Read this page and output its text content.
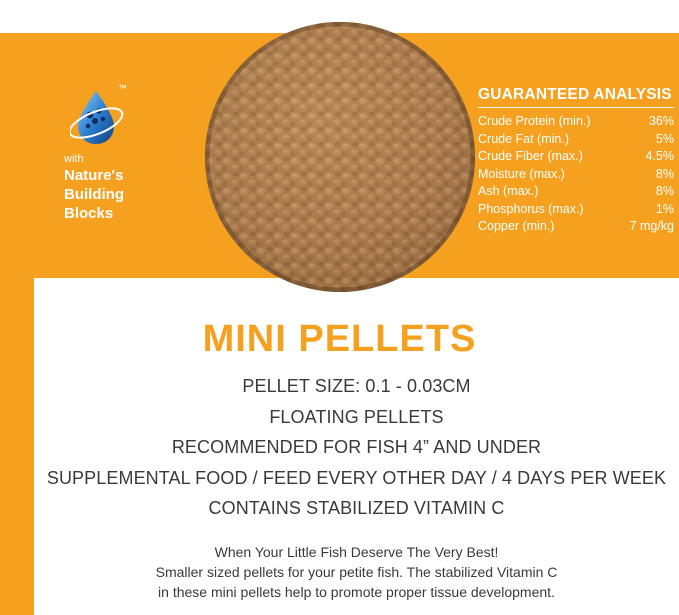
™
with
Nature's
Building
Blocks
GUARANTEED ANALYSIS
Crude Protein (min.)	36%
Crude Fat (min.)	5%
Crude Fiber (max.)	4.5%
Moisture (max.)	8%
Ash (max.)	8%
Phosphorus (max.)	1%
Copper (min.)	7 mg/kg
MINI PELLETS
PELLET SIZE: 0.1 - 0.03CM
FLOATING PELLETS
RECOMMENDED FOR FISH 4” AND UNDER
SUPPLEMENTAL FOOD / FEED EVERY OTHER DAY / 4 DAYS PER WEEK
CONTAINS STABILIZED VITAMIN C
When Your Little Fish Deserve The Very Best!
Smaller sized pellets for your petite fish. The stabilized Vitamin C
in these mini pellets help to promote proper tissue development.
